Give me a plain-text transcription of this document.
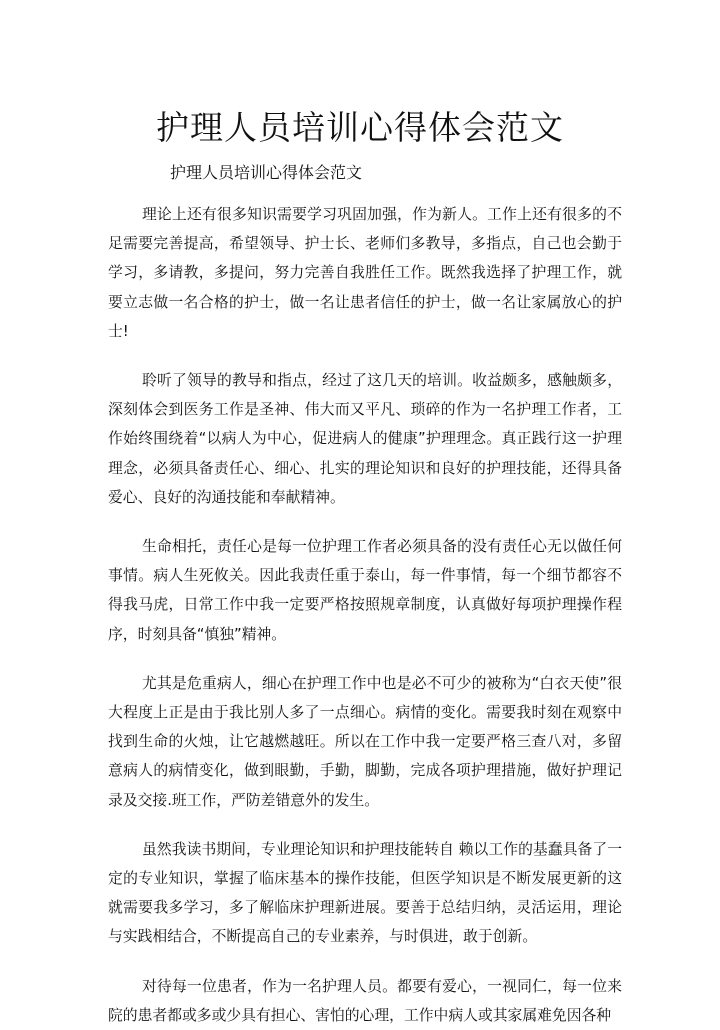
护理人员培训心得体会范文

护理人员培训心得体会范文

理论上还有很多知识需要学习巩固加强，作为新人。工作上还有很多的不足需要完善提高，希望领导、护士长、老师们多教导，多指点，自己也会勤于学习，多请教，多提问，努力完善自我胜任工作。既然我选择了护理工作，就要立志做一名合格的护士，做一名让患者信任的护士，做一名让家属放心的护士!

聆听了领导的教导和指点，经过了这几天的培训。收益颇多，感触颇多，深刻体会到医务工作是圣神、伟大而又平凡、琐碎的作为一名护理工作者，工作始终围绕着“以病人为中心，促进病人的健康”护理理念。真正践行这一护理理念，必须具备责任心、细心、扎实的理论知识和良好的护理技能，还得具备爱心、良好的沟通技能和奉献精神。

生命相托，责任心是每一位护理工作者必须具备的没有责任心无以做任何事情。病人生死攸关。因此我责任重于泰山，每一件事情，每一个细节都容不得我马虎，日常工作中我一定要严格按照规章制度，认真做好每项护理操作程序，时刻具备“慎独”精神。

尤其是危重病人，细心在护理工作中也是必不可少的被称为“白衣天使”很大程度上正是由于我比别人多了一点细心。病情的变化。需要我时刻在观察中找到生命的火烛，让它越燃越旺。所以在工作中我一定要严格三查八对，多留意病人的病情变化，做到眼勤，手勤，脚勤，完成各项护理措施，做好护理记录及交接.班工作，严防差错意外的发生。

虽然我读书期间，专业理论知识和护理技能转自 赖以工作的基蠢具备了一定的专业知识，掌握了临床基本的操作技能，但医学知识是不断发展更新的这就需要我多学习，多了解临床护理新进展。要善于总结归纳，灵活运用，理论与实践相结合，不断提高自己的专业素养，与时俱进，敢于创新。

对待每一位患者，作为一名护理人员。都要有爱心，一视同仁，每一位来院的患者都或多或少具有担心、害怕的心理，工作中病人或其家属难免因各种
